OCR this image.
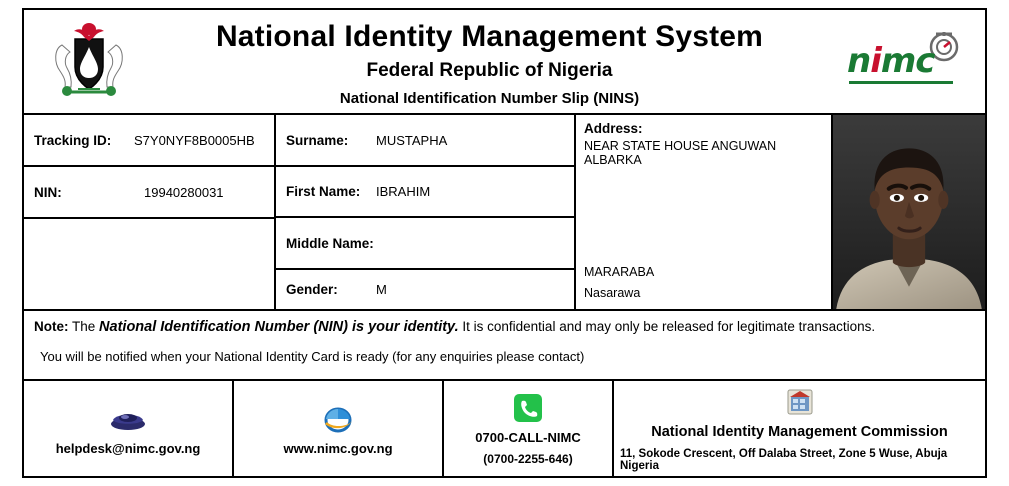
National Identity Management System
Federal Republic of Nigeria
National Identification Number Slip (NINS)
nimc
Tracking ID:	S7Y0NYF8B0005HB
NIN:	19940280031
Surname:	MUSTAPHA
First Name:	IBRAHIM
Middle Name:
Gender:	M
Address:
NEAR STATE HOUSE ANGUWAN ALBARKA
MARARABA
Nasarawa
Note: The National Identification Number (NIN) is your identity. It is confidential and may only be released for legitimate transactions.
You will be notified when your National Identity Card is ready (for any enquiries please contact)
helpdesk@nimc.gov.ng	www.nimc.gov.ng
0700-CALL-NIMC
(0700-2255-646)
National Identity Management Commission
11, Sokode Crescent, Off Dalaba Street, Zone 5 Wuse, Abuja Nigeria
